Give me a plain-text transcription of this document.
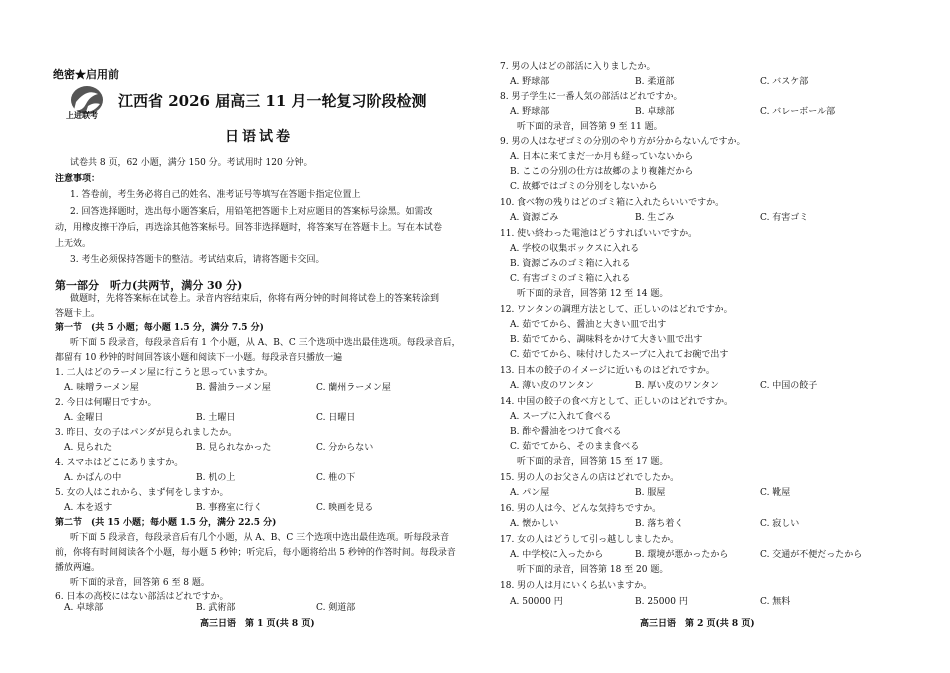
绝密★启用前
上进联考
江西省 2026 届高三 11 月一轮复习阶段检测
日语试卷
试卷共 8 页，62 小题，满分 150 分。考试用时 120 分钟。
注意事项：
1. 答卷前，考生务必将自己的姓名、准考证号等填写在答题卡指定位置上
2. 回答选择题时，选出每小题答案后，用铅笔把答题卡上对应题目的答案标号涂黑。如需改
动，用橡皮擦干净后，再选涂其他答案标号。回答非选择题时，将答案写在答题卡上。写在本试卷
上无效。
3. 考生必须保持答题卡的整洁。考试结束后，请将答题卡交回。
第一部分　听力(共两节，满分 30 分)
做题时，先将答案标在试卷上。录音内容结束后，你将有两分钟的时间将试卷上的答案转涂到
答题卡上。
第一节　(共 5 小题；每小题 1.5 分，满分 7.5 分)
听下面 5 段录音，每段录音后有 1 个小题，从 A、B、C 三个选项中选出最佳选项。每段录音后，
都留有 10 秒钟的时间回答该小题和阅读下一小题。每段录音只播放一遍
1. 二人はどのラーメン屋に行こうと思っていますか。
A. 味噌ラーメン屋	B. 醤油ラーメン屋	C. 蘭州ラーメン屋
2. 今日は何曜日ですか。
A. 金曜日	B. 土曜日	C. 日曜日
3. 昨日、女の子はパンダが見られましたか。
A. 見られた	B. 見られなかった	C. 分からない
4. スマホはどこにありますか。
A. かばんの中	B. 机の上	C. 椎の下
5. 女の人はこれから、まず何をしますか。
A. 本を返す	B. 事務室に行く	C. 映画を見る
第二节　(共 15 小题；每小题 1.5 分，满分 22.5 分)
听下面 5 段录音，每段录音后有几个小题，从 A、B、C 三个选项中选出最佳选项。听每段录音
前，你将有时间阅读各个小题，每小题 5 秒钟；听完后，每小题将给出 5 秒钟的作答时间。每段录音
播放两遍。
听下面的录音，回答第 6 至 8 题。
6. 日本の高校にはない部活はどれですか。
A. 卓球部	B. 武術部	C. 剣道部
高三日语　第 1 页(共 8 页)
7. 男の人はどの部活に入りましたか。
A. 野球部	B. 柔道部	C. バスケ部
8. 男子学生に一番人気の部活はどれですか。
A. 野球部	B. 卓球部	C. バレーボール部
听下面的录音，回答第 9 至 11 题。
9. 男の人はなぜゴミの分別のやり方が分からないんですか。
A. 日本に来てまだ一か月も経っていないから
B. ここの分別の仕方は故郷のより複雑だから
C. 故郷ではゴミの分別をしないから
10. 食べ物の残りはどのゴミ箱に入れたらいいですか。
A. 資源ごみ	B. 生ごみ	C. 有害ゴミ
11. 使い終わった電池はどうすればいいですか。
A. 学校の収集ボックスに入れる
B. 資源ごみのゴミ箱に入れる
C. 有害ゴミのゴミ箱に入れる
听下面的录音，回答第 12 至 14 题。
12. ワンタンの調理方法として、正しいのはどれですか。
A. 茹でてから、醤油と大きい皿で出す
B. 茹でてから、調味料をかけて大きい皿で出す
C. 茹でてから、味付けしたスープに入れてお碗で出す
13. 日本の餃子のイメージに近いものはどれですか。
A. 薄い皮のワンタン	B. 厚い皮のワンタン	C. 中国の餃子
14. 中国の餃子の食べ方として、正しいのはどれですか。
A. スープに入れて食べる
B. 酢や醤油をつけて食べる
C. 茹でてから、そのまま食べる
听下面的录音，回答第 15 至 17 题。
15. 男の人のお父さんの店はどれでしたか。
A. パン屋	B. 服屋	C. 靴屋
16. 男の人は今、どんな気持ちですか。
A. 懐かしい	B. 落ち着く	C. 寂しい
17. 女の人はどうして引っ越ししましたか。
A. 中学校に入ったから	B. 環境が悪かったから	C. 交通が不便だったから
听下面的录音，回答第 18 至 20 题。
18. 男の人は月にいくら払いますか。
A. 50000 円	B. 25000 円	C. 無料
高三日语　第 2 页(共 8 页)
